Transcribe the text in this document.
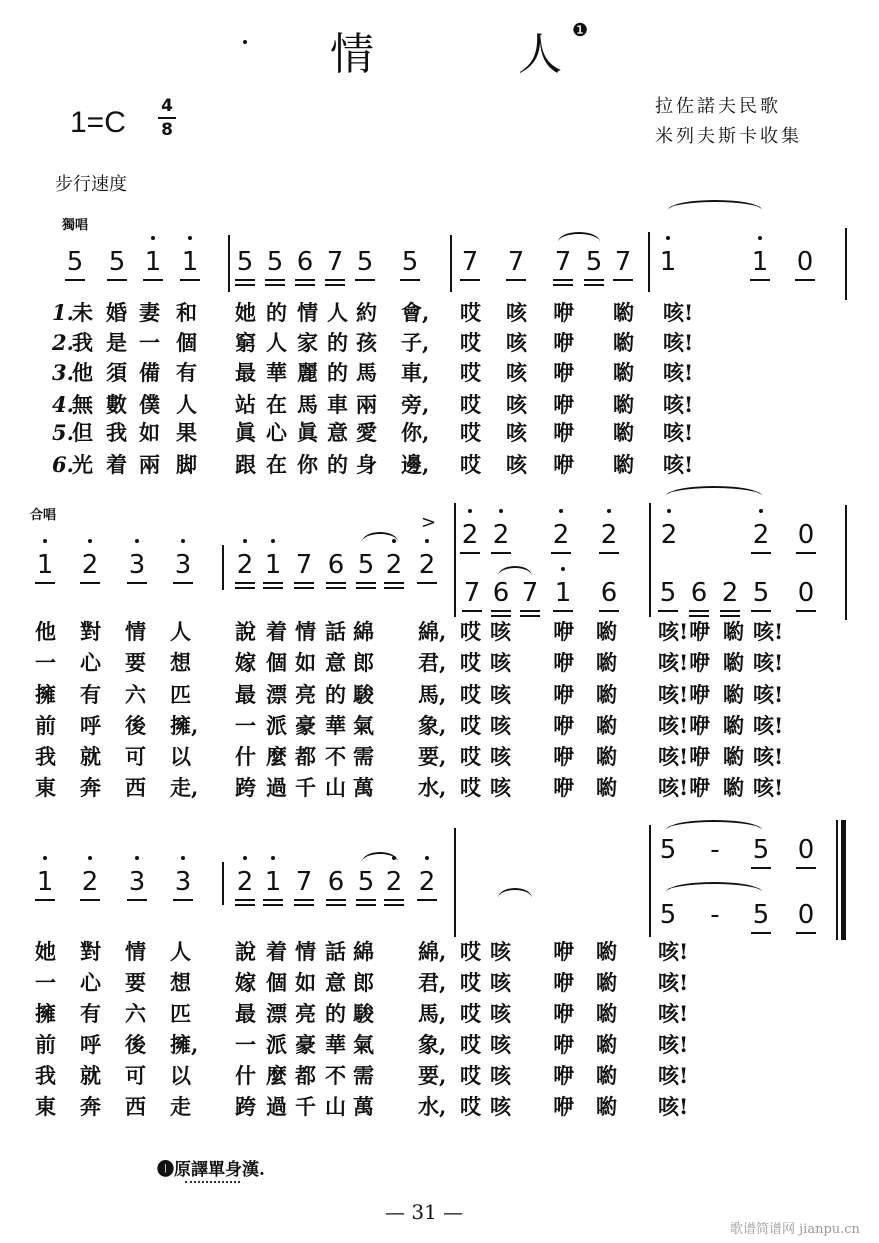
情	人 ❶
1=C 4
8
拉佐諾夫民歌
米列夫斯卡收集
步行速度
獨唱
合唱
5 5 1 1 5 5 6 7 5 5 7 7 7 5 7 1	1 0
1 2 3 3 2 1 7 6 5 2 2
2 2 2 2 2	2 0
7 6 7 1 6 5 6 2 5 0
1 2 3 3 2 1 7 6 5 2 2
5 - 5 0
5 - 5 0
>
未 婚 妻 和 她 的 情 人 約 會, 哎 咳 咿 喲 咳!
我 是 一 個 窮 人 家 的 孩 子, 哎 咳 咿 喲 咳!
他 須 備 有 最 華 麗 的 馬 車, 哎 咳 咿 喲 咳!
無 數 僕 人 站 在 馬 車 兩 旁, 哎 咳 咿 喲 咳!
但 我 如 果 眞 心 眞 意 愛 你, 哎 咳 咿 喲 咳!
光 着 兩 脚 跟 在 你 的 身 邊, 哎 咳 咿 喲 咳!
1.
2.
3.
4.
5.
6.
他 對 情 人 說 着 情 話 綿 綿, 哎 咳 咿 喲 咳! 咿 喲 咳!
一 心 要 想 嫁 個 如 意 郎 君, 哎 咳 咿 喲 咳! 咿 喲 咳!
擁 有 六 匹 最 漂 亮 的 駿 馬, 哎 咳 咿 喲 咳! 咿 喲 咳!
前 呼 後 擁, 一 派 豪 華 氣 象, 哎 咳 咿 喲 咳! 咿 喲 咳!
我 就 可 以 什 麼 都 不 需 要, 哎 咳 咿 喲 咳! 咿 喲 咳!
東 奔 西 走, 跨 過 千 山 萬 水, 哎 咳 咿 喲 咳! 咿 喲 咳!
她 對 情 人 說 着 情 話 綿 綿, 哎 咳 咿 喲 咳!
一 心 要 想 嫁 個 如 意 郎 君, 哎 咳 咿 喲 咳!
擁 有 六 匹 最 漂 亮 的 駿 馬, 哎 咳 咿 喲 咳!
前 呼 後 擁, 一 派 豪 華 氣 象, 哎 咳 咿 喲 咳!
我 就 可 以 什 麼 都 不 需 要, 哎 咳 咿 喲 咳!
東 奔 西 走 跨 過 千 山 萬 水, 哎 咳 咿 喲 咳!
❶原譯單身漢.
— 31 —
歌谱简谱网 jianpu.cn
